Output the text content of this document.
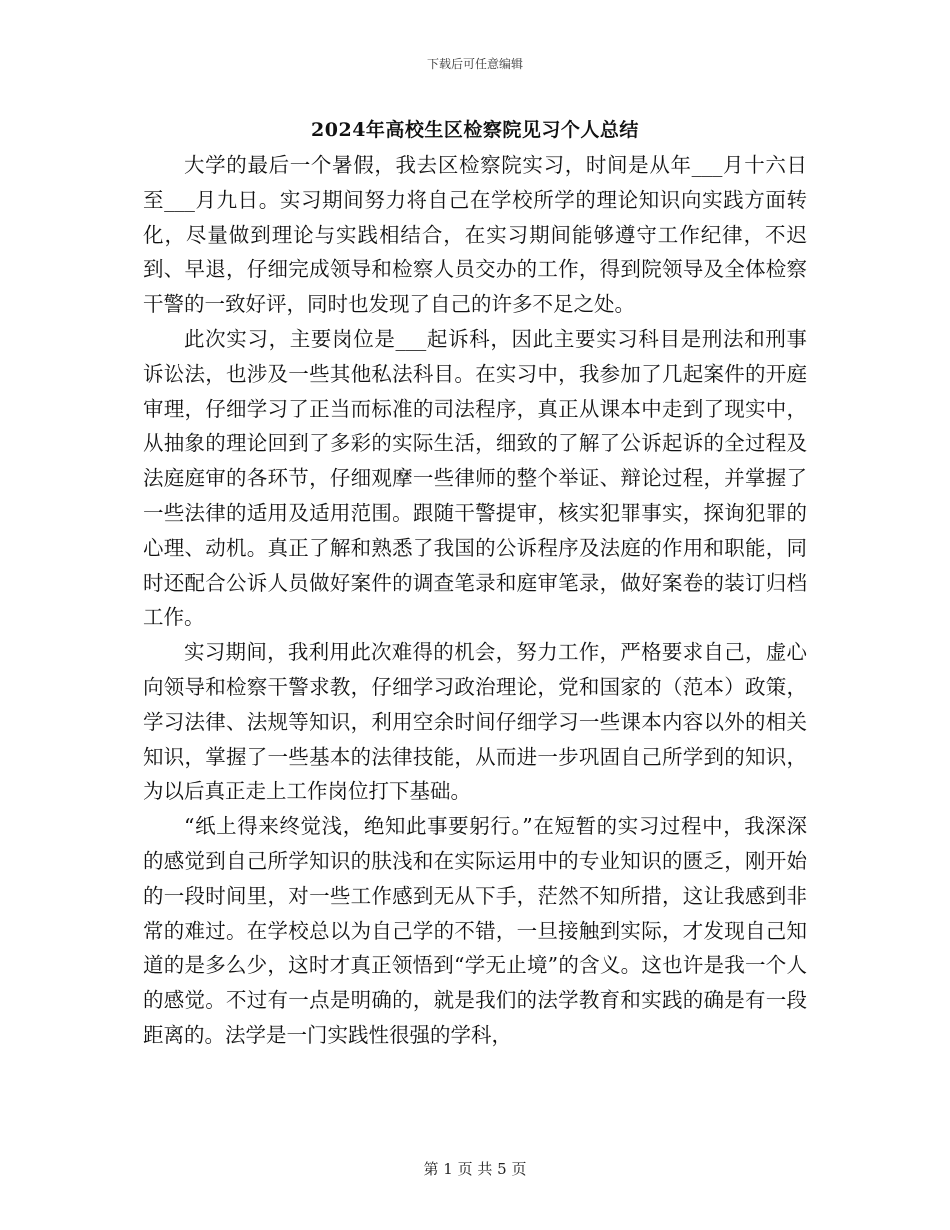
下载后可任意编辑
2024年高校生区检察院见习个人总结

大学的最后一个暑假，我去区检察院实习，时间是从年___月十六日至___月九日。实习期间努力将自己在学校所学的理论知识向实践方面转化，尽量做到理论与实践相结合，在实习期间能够遵守工作纪律，不迟到、早退，仔细完成领导和检察人员交办的工作，得到院领导及全体检察干警的一致好评，同时也发现了自己的许多不足之处。

此次实习，主要岗位是___起诉科，因此主要实习科目是刑法和刑事诉讼法，也涉及一些其他私法科目。在实习中，我参加了几起案件的开庭审理，仔细学习了正当而标准的司法程序，真正从课本中走到了现实中，从抽象的理论回到了多彩的实际生活，细致的了解了公诉起诉的全过程及法庭庭审的各环节，仔细观摩一些律师的整个举证、辩论过程，并掌握了一些法律的适用及适用范围。跟随干警提审，核实犯罪事实，探询犯罪的心理、动机。真正了解和熟悉了我国的公诉程序及法庭的作用和职能，同时还配合公诉人员做好案件的调查笔录和庭审笔录，做好案卷的装订归档工作。

实习期间，我利用此次难得的机会，努力工作，严格要求自己，虚心向领导和检察干警求教，仔细学习政治理论，党和国家的（范本）政策，学习法律、法规等知识，利用空余时间仔细学习一些课本内容以外的相关知识，掌握了一些基本的法律技能，从而进一步巩固自己所学到的知识，为以后真正走上工作岗位打下基础。

“纸上得来终觉浅，绝知此事要躬行。”在短暂的实习过程中，我深深的感觉到自己所学知识的肤浅和在实际运用中的专业知识的匮乏，刚开始的一段时间里，对一些工作感到无从下手，茫然不知所措，这让我感到非常的难过。在学校总以为自己学的不错，一旦接触到实际，才发现自己知道的是多么少，这时才真正领悟到“学无止境”的含义。这也许是我一个人的感觉。不过有一点是明确的，就是我们的法学教育和实践的确是有一段距离的。法学是一门实践性很强的学科，

第 1 页 共 5 页
